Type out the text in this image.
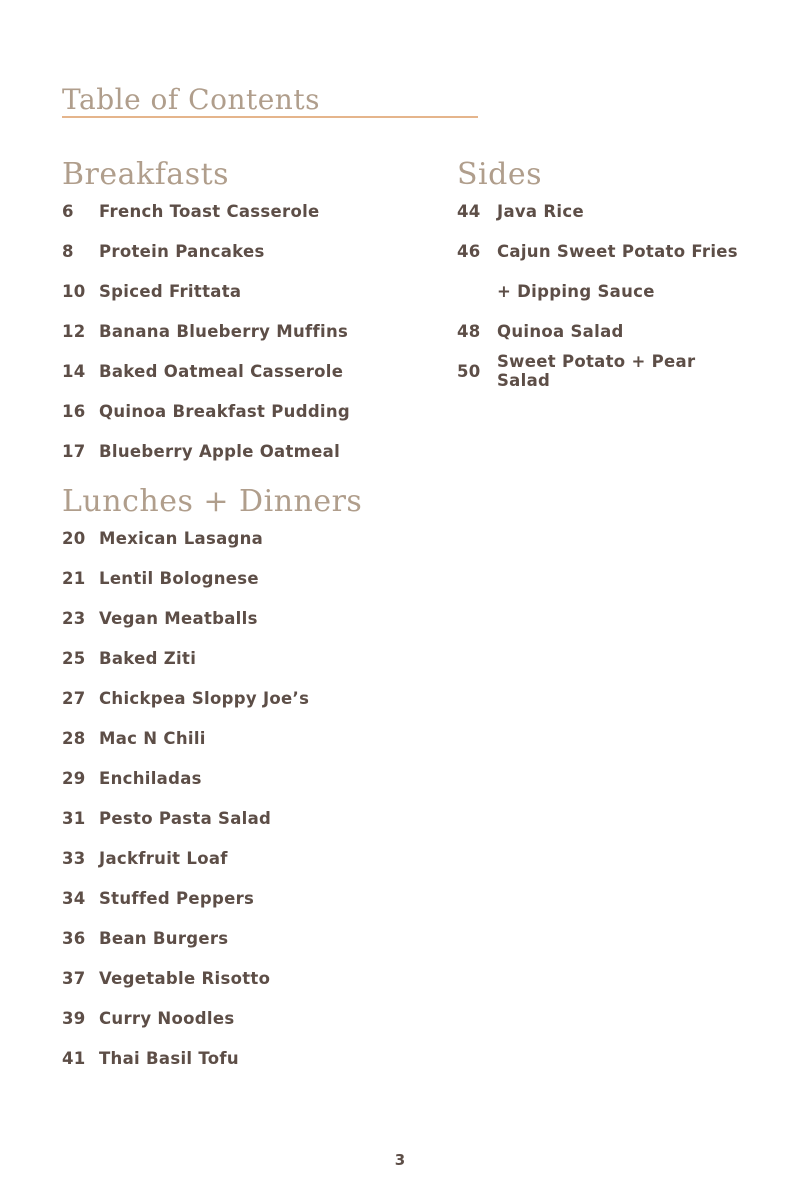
Table of Contents
Breakfasts
6	French Toast Casserole
8	Protein Pancakes
10 Spiced Frittata
12 Banana Blueberry Muffins
14 Baked Oatmeal Casserole
16 Quinoa Breakfast Pudding
17 Blueberry Apple Oatmeal
Lunches + Dinners
20 Mexican Lasagna
21 Lentil Bolognese
23 Vegan Meatballs
25 Baked Ziti
27 Chickpea Sloppy Joe’s
28 Mac N Chili
29 Enchiladas
31 Pesto Pasta Salad
33 Jackfruit Loaf
34 Stuffed Peppers
36 Bean Burgers
37 Vegetable Risotto
39 Curry Noodles
41 Thai Basil Tofu
Sides
44 Java Rice
46 Cajun Sweet Potato Fries
+ Dipping Sauce
48 Quinoa Salad
50 Sweet Potato + Pear Salad
3
